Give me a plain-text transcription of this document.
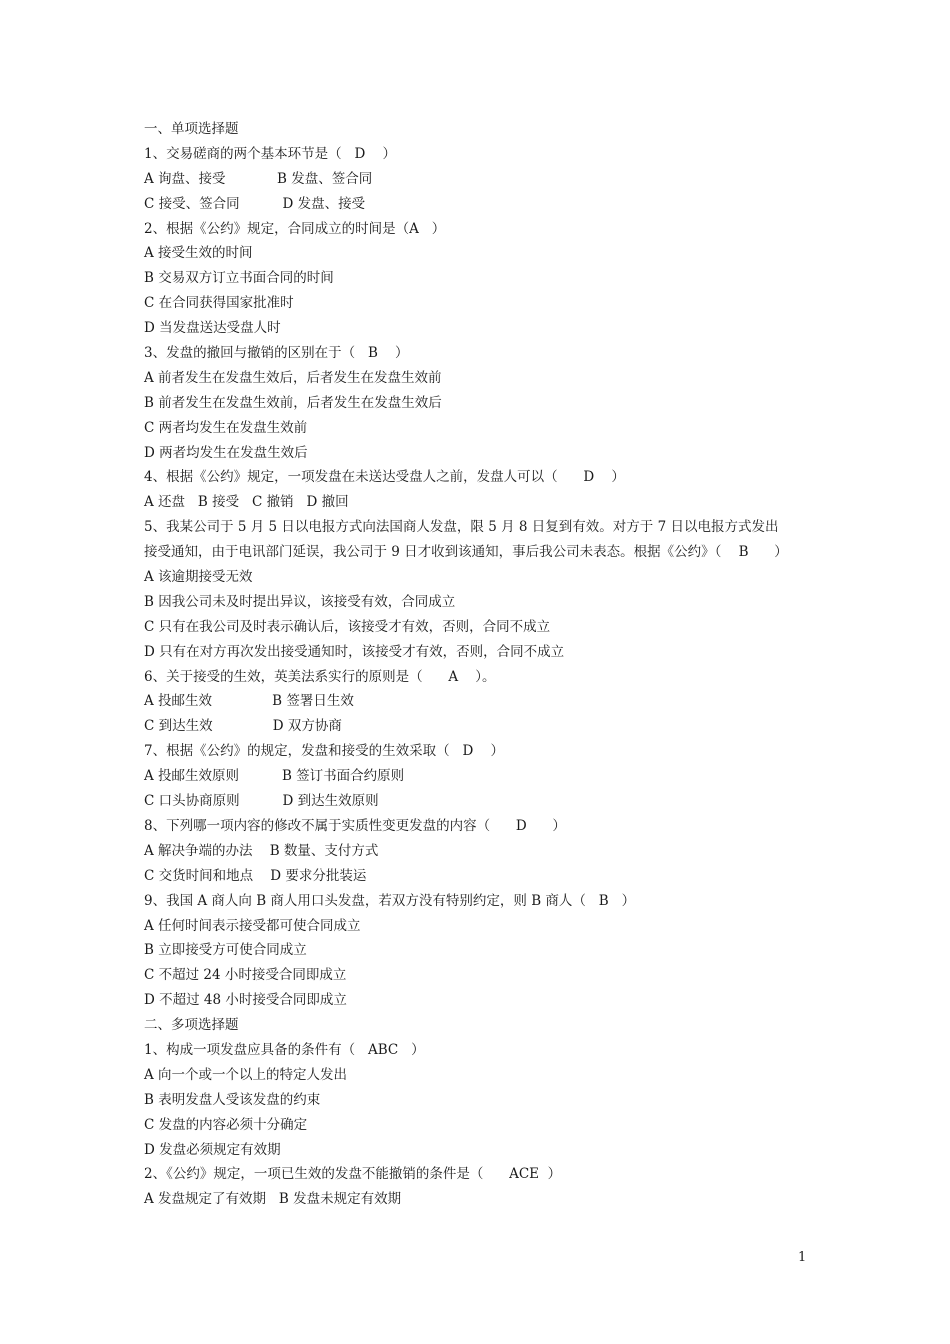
一、单项选择题
1、交易磋商的两个基本环节是（   D    ）
A 询盘、接受            B 发盘、签合同
C 接受、签合同          D 发盘、接受
2、根据《公约》规定，合同成立的时间是（A   ）
A 接受生效的时间
B 交易双方订立书面合同的时间
C 在合同获得国家批准时
D 当发盘送达受盘人时
3、发盘的撤回与撤销的区别在于（   B    ）
A 前者发生在发盘生效后，后者发生在发盘生效前
B 前者发生在发盘生效前，后者发生在发盘生效后
C 两者均发生在发盘生效前
D 两者均发生在发盘生效后
4、根据《公约》规定，一项发盘在未送达受盘人之前，发盘人可以（      D    ）
A 还盘   B 接受   C 撤销   D 撤回
5、我某公司于 5 月 5 日以电报方式向法国商人发盘，限 5 月 8 日复到有效。对方于 7 日以电报方式发出
接受通知，由于电讯部门延误，我公司于 9 日才收到该通知，事后我公司未表态。根据《公约》（    B      ）
A 该逾期接受无效
B 因我公司未及时提出异议，该接受有效，合同成立
C 只有在我公司及时表示确认后，该接受才有效，否则，合同不成立
D 只有在对方再次发出接受通知时，该接受才有效，否则，合同不成立
6、关于接受的生效，英美法系实行的原则是（      A    ）。
A 投邮生效              B 签署日生效
C 到达生效              D 双方协商
7、根据《公约》的规定，发盘和接受的生效采取（   D    ）
A 投邮生效原则          B 签订书面合约原则
C 口头协商原则          D 到达生效原则
8、下列哪一项内容的修改不属于实质性变更发盘的内容（      D      ）
A 解决争端的办法    B 数量、支付方式
C 交货时间和地点    D 要求分批装运
9、我国 A 商人向 B 商人用口头发盘，若双方没有特别约定，则 B 商人（   B   ）
A 任何时间表示接受都可使合同成立
B 立即接受方可使合同成立
C 不超过 24 小时接受合同即成立
D 不超过 48 小时接受合同即成立
二、多项选择题
1、构成一项发盘应具备的条件有（   ABC   ）
A 向一个或一个以上的特定人发出
B 表明发盘人受该发盘的约束
C 发盘的内容必须十分确定
D 发盘必须规定有效期
2、《公约》规定，一项已生效的发盘不能撤销的条件是（      ACE  ）
A 发盘规定了有效期   B 发盘未规定有效期
1
